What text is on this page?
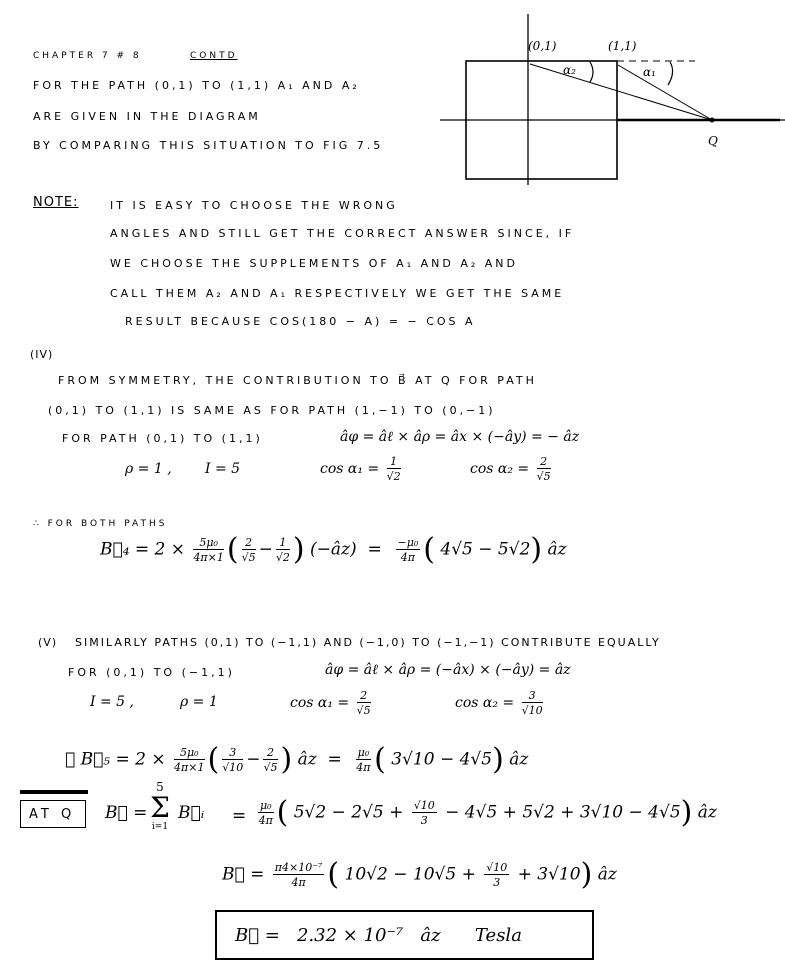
CHAPTER 7 # 8	CONTD
FOR THE PATH (0,1) TO (1,1) Α₁ AND Α₂
ARE GIVEN IN THE DIAGRAM
BY COMPARING THIS SITUATION TO FIG 7.5
(0,1)	(1,1)
α₂	α₁
Q
NOTE:	IT IS EASY TO CHOOSE THE WRONG
ANGLES AND STILL GET THE CORRECT ANSWER SINCE, IF
WE CHOOSE THE SUPPLEMENTS OF Α₁ AND Α₂ AND
CALL THEM Α₂ AND Α₁ RESPECTIVELY WE GET THE SAME
RESULT BECAUSE COS(180 − Α) = − COS Α
(IV)
FROM SYMMETRY, THE CONTRIBUTION TO B⃗ AT Q FOR PATH
(0,1) TO (1,1) IS SAME AS FOR PATH (1,−1) TO (0,−1)
FOR PATH (0,1) TO (1,1)	âφ = âℓ × âρ = âx × (−ây) = − âz
ρ = 1 , I = 5	$\cos \alpha_1 = \frac{1}{√2}$	$\cos \alpha_2 = \frac{2}{√5}$
∴ FOR BOTH PATHS
B⃗₄ = $2 \times \frac{\text{5μ₀}}{4\pi\times 1}$ ( $\frac{2}{√5} - \frac{1}{√2}$ ) (−âz) = $\frac{\text{−μ₀}}{4\pi}$ ( 4√5 − 5√2) âz
(V) SIMILARLY PATHS (0,1) TO (−1,1) AND (−1,0) TO (−1,−1) CONTRIBUTE EQUALLY
FOR (0,1) TO (−1,1)	âφ = âℓ × âρ = (−âx) × (−ây) = âz
I = 5 ,	ρ = 1	$\cos \alpha_1 = \frac{2}{√5}$	$\cos \alpha_2 = \frac{3}{√10}$
∴ B⃗₅ = $2 \times \frac{\text{5μ₀}}{4\pi\times 1}$ ( $\frac{3}{√10} - \frac{2}{√5}$ ) âz = $\frac{\text{μ₀}}{4\pi}$ ( 3√10 − 4√5) âz
AT Q B⃗ =
5
Σ
i=1
B⃗ᵢ = $\frac{\text{μ₀}}{4\pi}$ ( $5√2 - 2√5 + \frac{√10}{3} - 4√5 + 5√2 + 3√10 - 4√5$) âz
B⃗ = $\frac{\text{π4×10⁻⁷}}{4\pi}$ ( $10√2 - 10√5 + \frac{√10}{3} + 3√10$) âz
B⃗ =   2.32 × 10⁻⁷   âz      Tesla
